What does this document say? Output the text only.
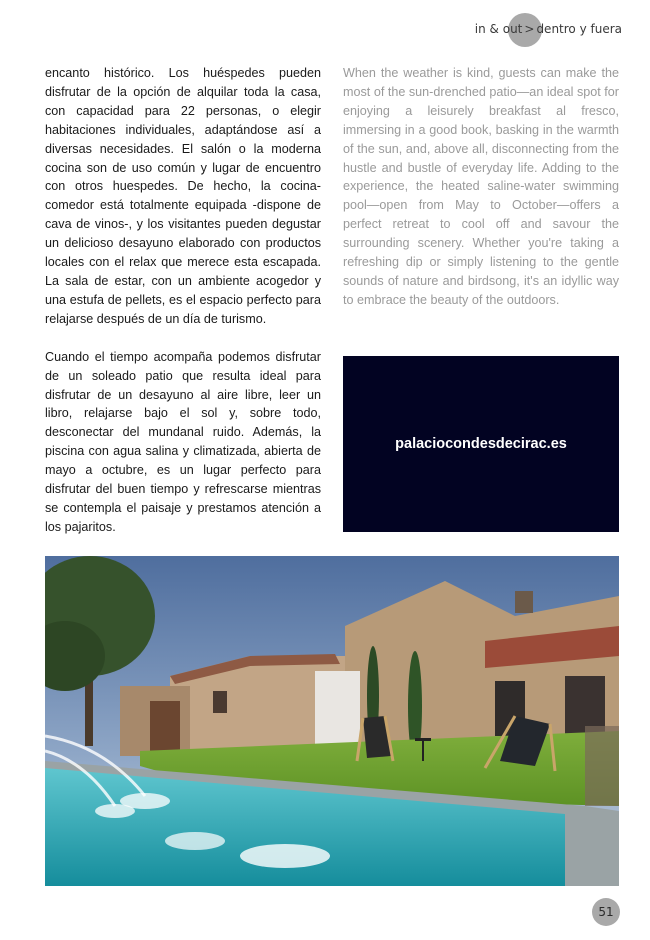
in & out > dentro y fuera

encanto histórico. Los huéspedes pueden disfrutar de la opción de alquilar toda la casa, con capacidad para 22 personas, o elegir habitaciones individuales, adaptándose así a diversas necesidades. El salón o la moderna cocina son de uso común y lugar de encuentro con otros huespedes. De hecho, la cocina-comedor está totalmente equipada -dispone de cava de vinos-, y los visitantes pueden degustar un delicioso desayuno elaborado con productos locales con el relax que merece esta escapada. La sala de estar, con un ambiente acogedor y una estufa de pellets, es el espacio perfecto para relajarse después de un día de turismo.

Cuando el tiempo acompaña podemos disfrutar de un soleado patio que resulta ideal para disfrutar de un desayuno al aire libre, leer un libro, relajarse bajo el sol y, sobre todo, desconectar del mundanal ruido. Además, la piscina con agua salina y climatizada, abierta de mayo a octubre, es un lugar perfecto para disfrutar del buen tiempo y refrescarse mientras se contempla el paisaje y prestamos atención a los pajaritos.

When the weather is kind, guests can make the most of the sun-drenched patio—an ideal spot for enjoying a leisurely breakfast al fresco, immersing in a good book, basking in the warmth of the sun, and, above all, disconnecting from the hustle and bustle of everyday life. Adding to the experience, the heated saline-water swimming pool—open from May to October—offers a perfect retreat to cool off and savour the surrounding scenery. Whether you're taking a refreshing dip or simply listening to the gentle sounds of nature and birdsong, it's an idyllic way to embrace the beauty of the outdoors.

palaciocondesdecirac.es
51
